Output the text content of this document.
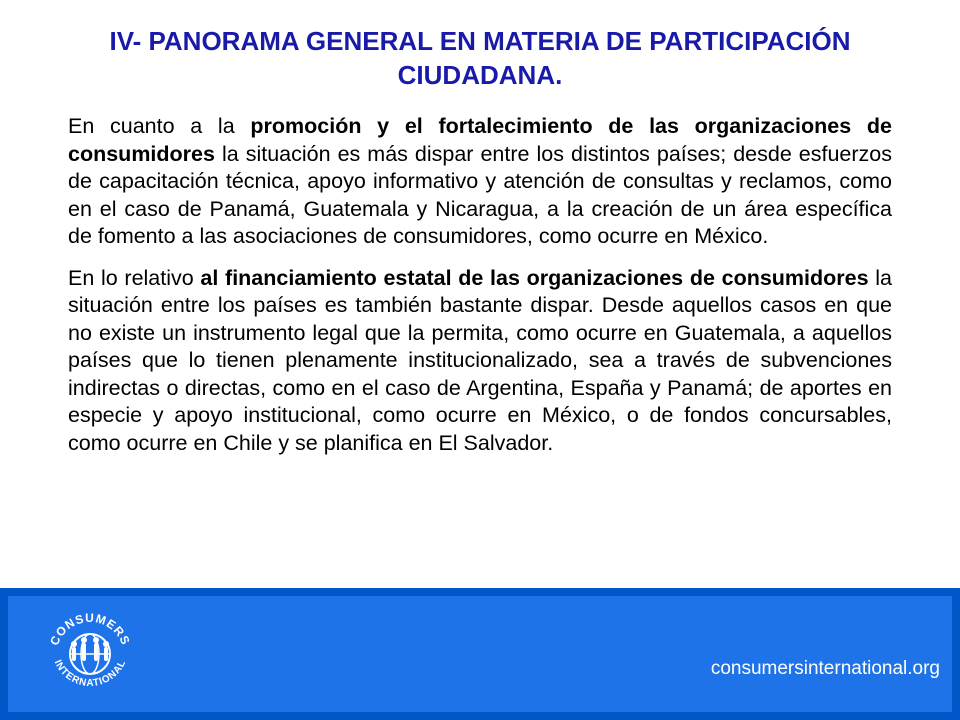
IV- PANORAMA GENERAL EN MATERIA DE PARTICIPACIÓN
CIUDADANA.

En cuanto a la promoción y el fortalecimiento de las organizaciones de consumidores la situación es más dispar entre los distintos países; desde esfuerzos de capacitación técnica, apoyo informativo y atención de consultas y reclamos, como en el caso de Panamá, Guatemala y Nicaragua, a la creación de un área específica de fomento a las asociaciones de consumidores, como ocurre en México.

En lo relativo al financiamiento estatal de las organizaciones de consumidores la situación entre los países es también bastante dispar. Desde aquellos casos en que no existe un instrumento legal que la permita, como ocurre en Guatemala, a aquellos países que lo tienen plenamente institucionalizado, sea a través de subvenciones indirectas o directas, como en el caso de Argentina, España y Panamá; de aportes en especie y apoyo institucional, como ocurre en México, o de fondos concursables, como ocurre en Chile y se planifica en El Salvador.

CONSUMERS
INTERNATIONAL	consumersinternational.org
